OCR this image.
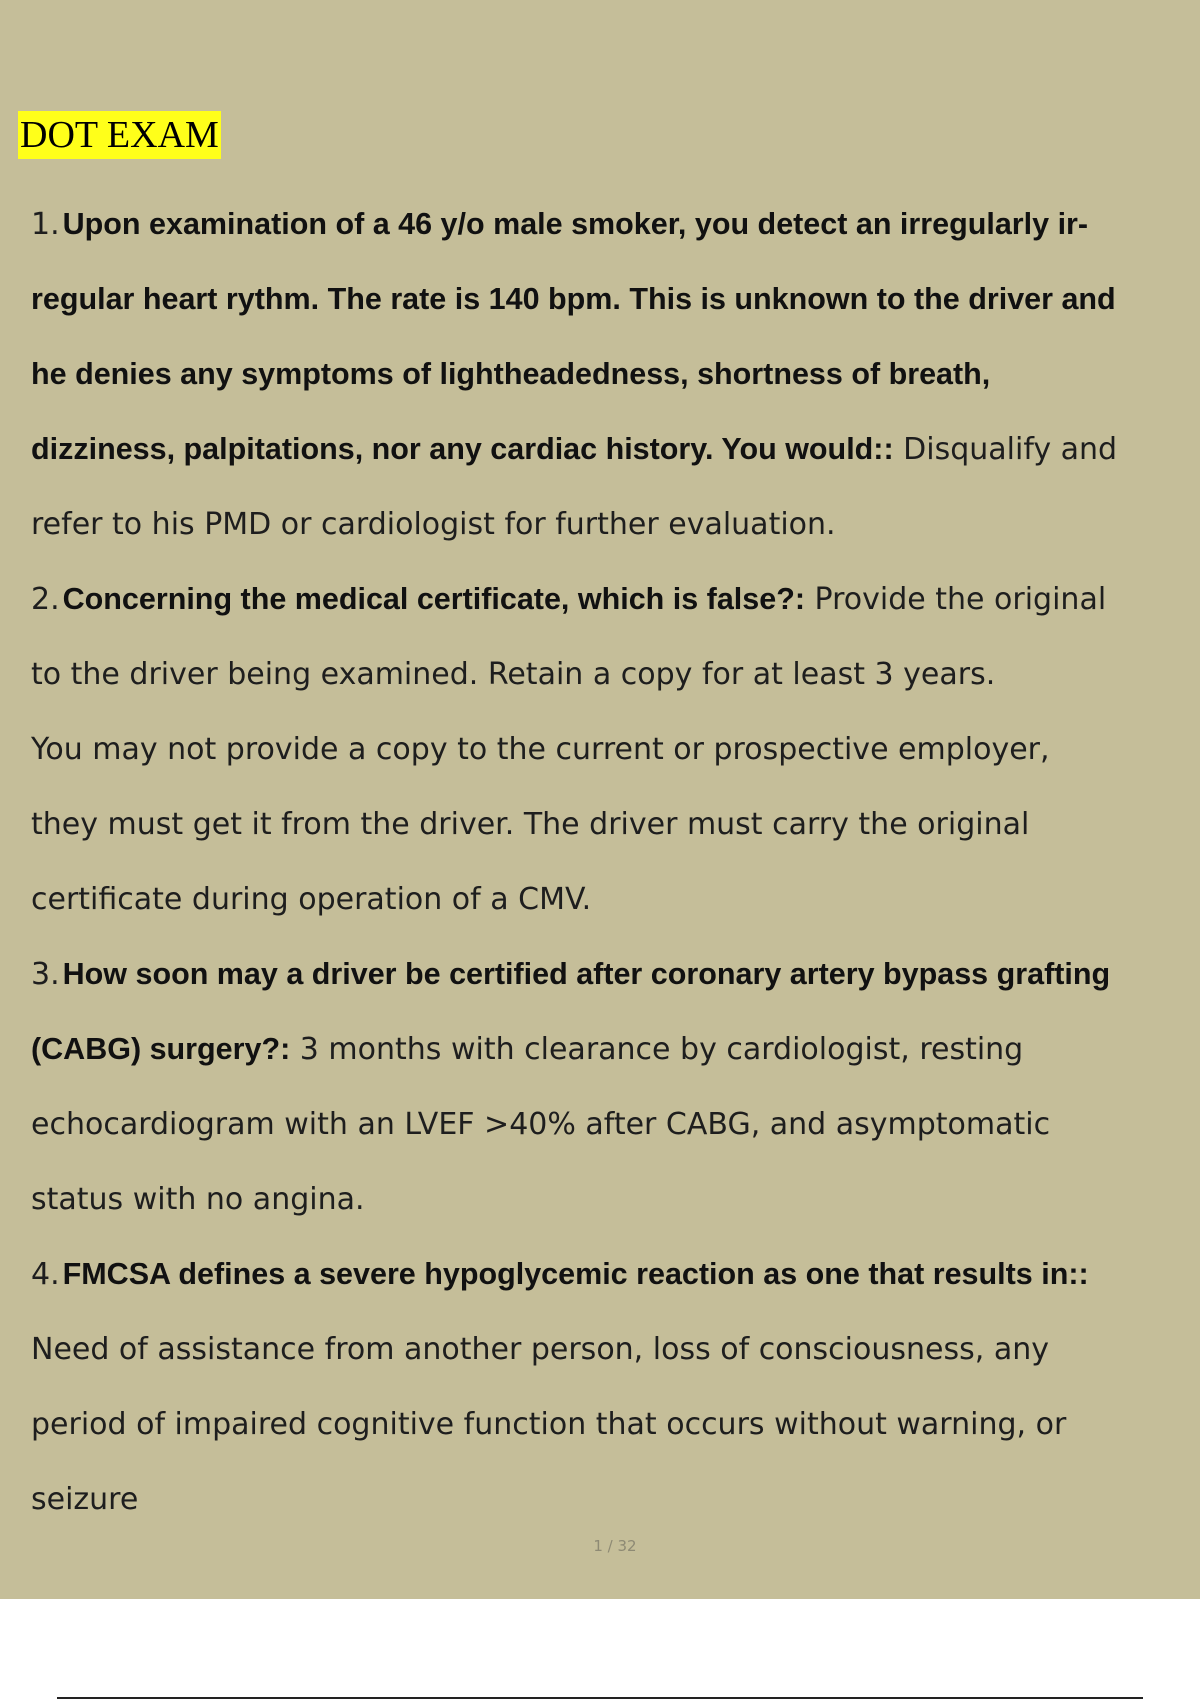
DOT EXAM
1.Upon examination of a 46 y/o male smoker, you detect an irregularly ir-
regular heart rythm. The rate is 140 bpm. This is unknown to the driver and
he denies any symptoms of lightheadedness, shortness of breath,
dizziness, palpitations, nor any cardiac history. You would:: Disqualify and
refer to his PMD or cardiologist for further evaluation.
2.Concerning the medical certificate, which is false?: Provide the original
to the driver being examined. Retain a copy for at least 3 years.
You may not provide a copy to the current or prospective employer,
they must get it from the driver. The driver must carry the original
certificate during operation of a CMV.
3.How soon may a driver be certified after coronary artery bypass grafting
(CABG) surgery?: 3 months with clearance by cardiologist, resting
echocardiogram with an LVEF >40% after CABG, and asymptomatic
status with no angina.
4.FMCSA defines a severe hypoglycemic reaction as one that results in::
Need of assistance from another person, loss of consciousness, any
period of impaired cognitive function that occurs without warning, or
seizure
1 / 32
